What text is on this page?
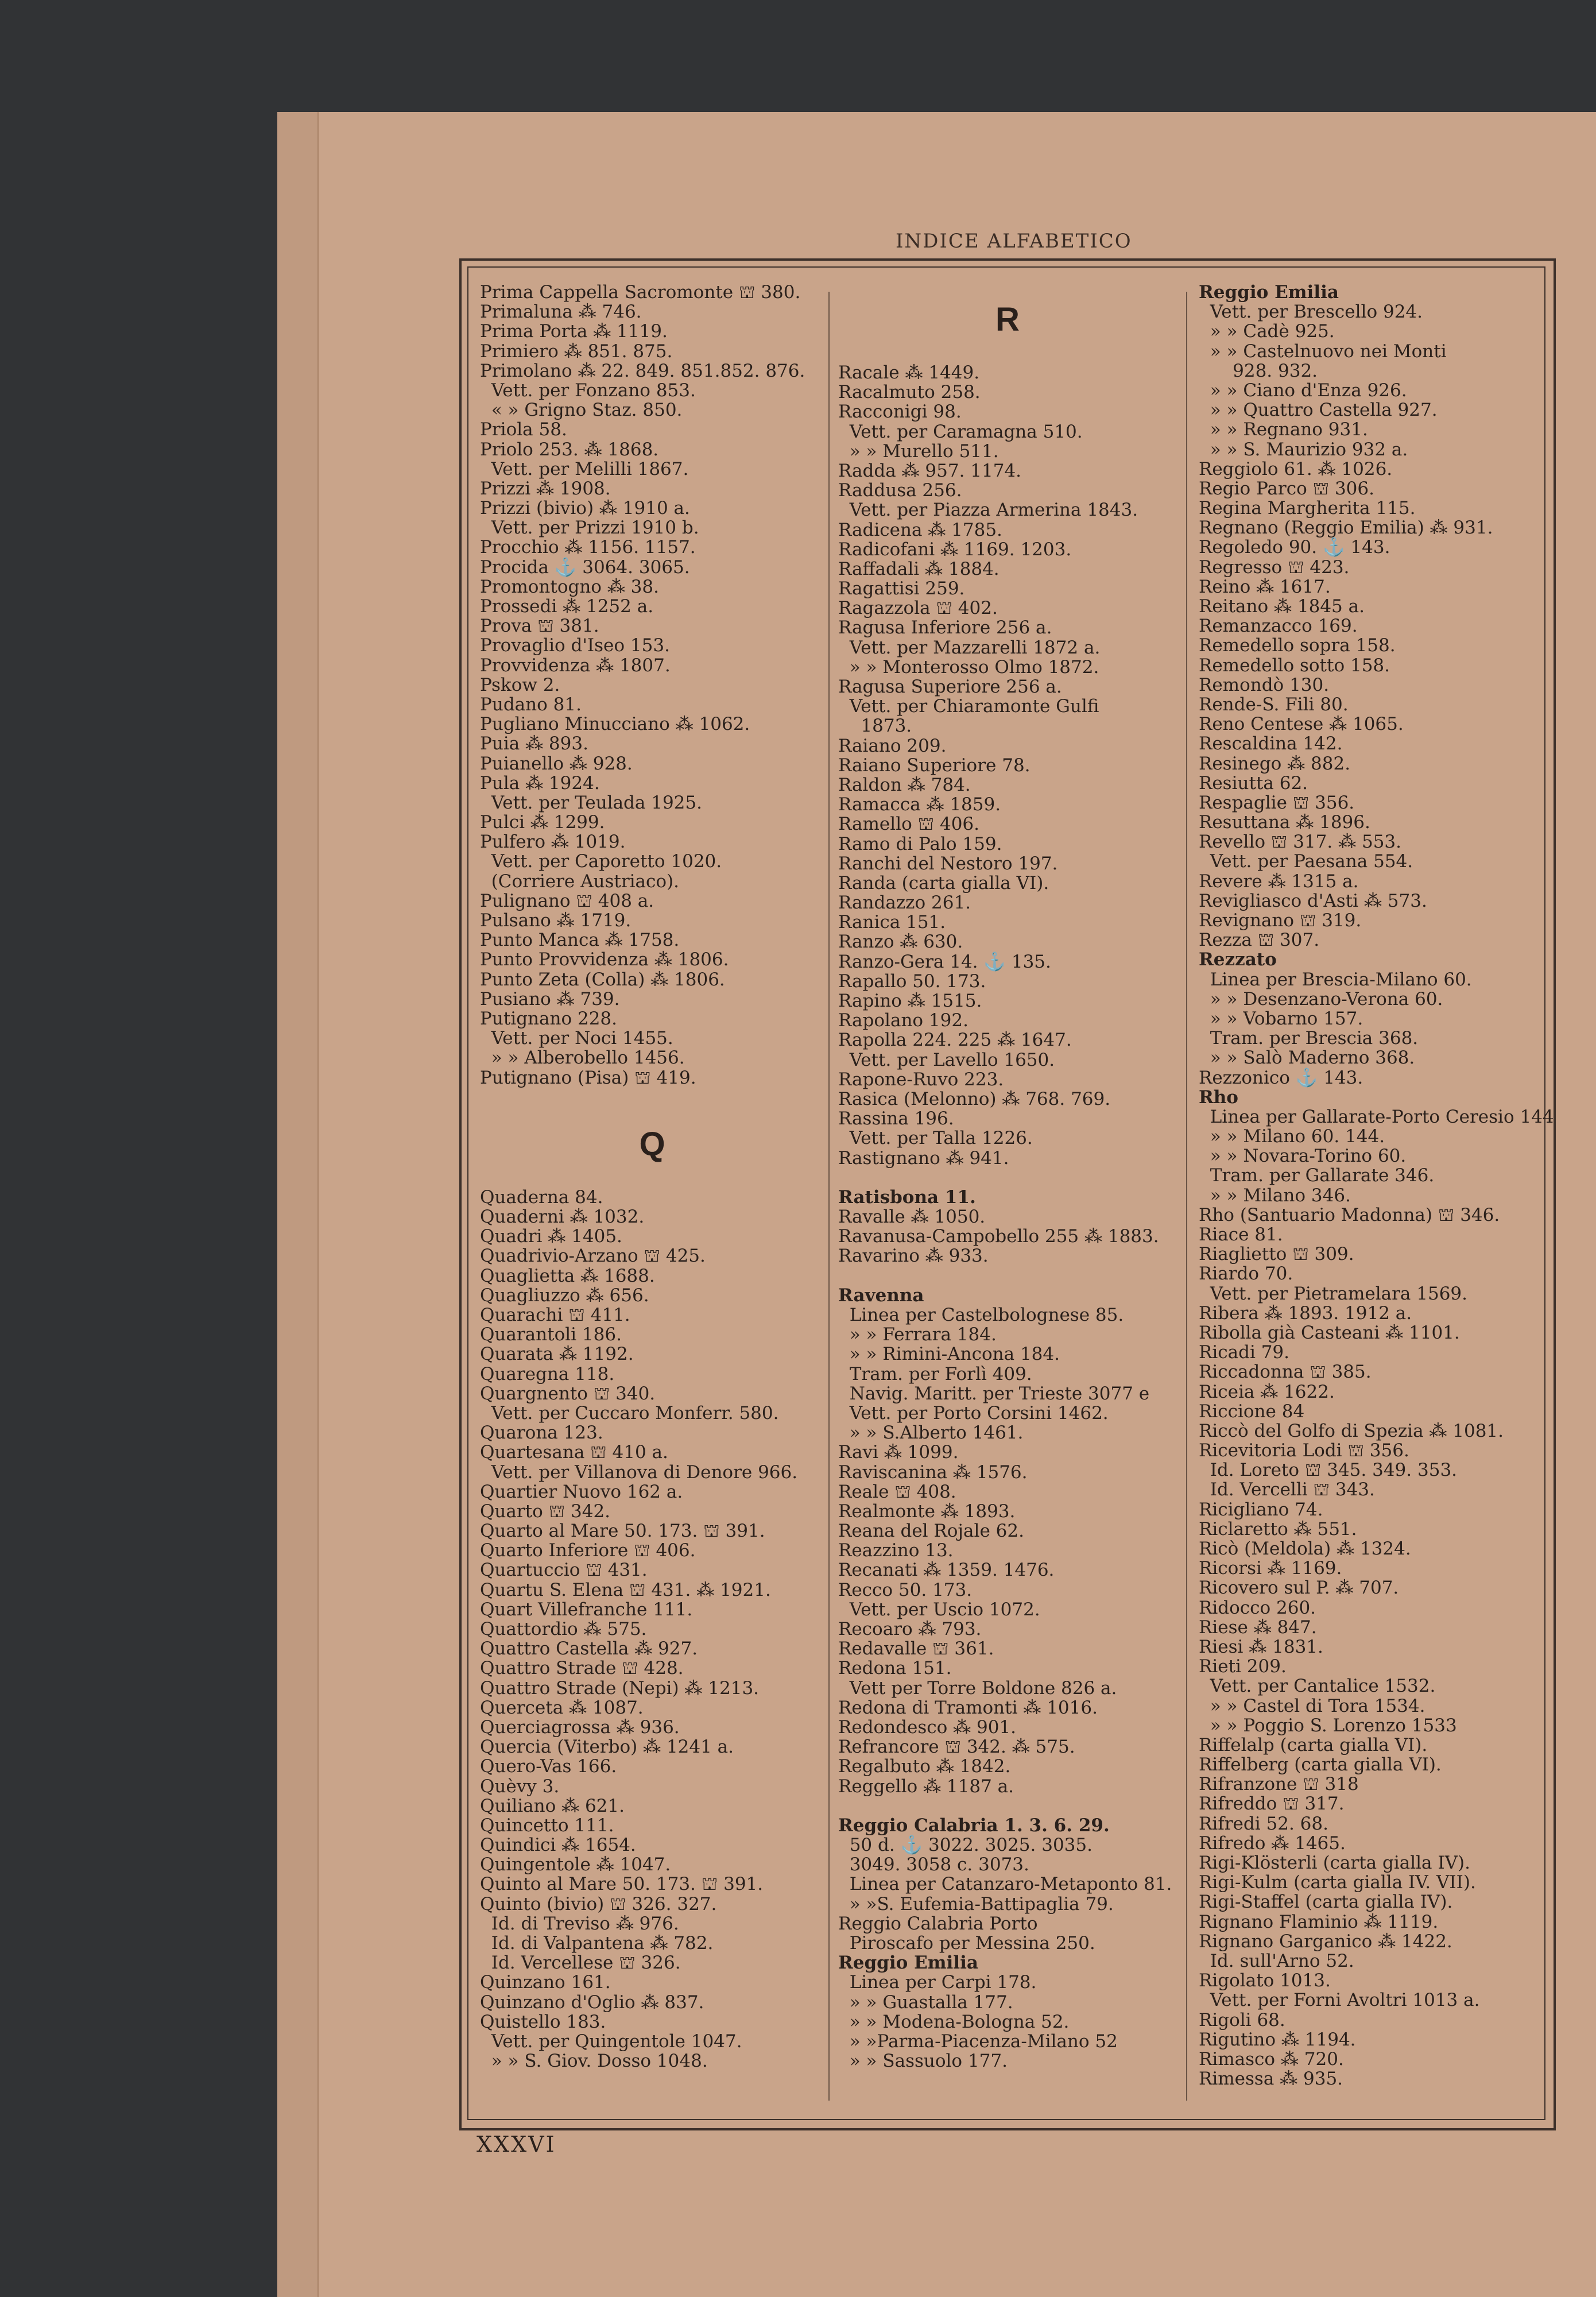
INDICE ALFABETICO
Prima Cappella Sacromonte ⛫ 380.
Primaluna ⁂ 746.
Prima Porta ⁂ 1119.
Primiero ⁂ 851. 875.
Primolano ⁂ 22. 849. 851.852. 876.
Vett. per Fonzano 853.
« » Grigno Staz. 850.
Priola 58.
Priolo 253. ⁂ 1868.
Vett. per Melilli 1867.
Prizzi ⁂ 1908.
Prizzi (bivio) ⁂ 1910 a.
Vett. per Prizzi 1910 b.
Procchio ⁂ 1156. 1157.
Procida ⚓ 3064. 3065.
Promontogno ⁂ 38.
Prossedi ⁂ 1252 a.
Prova ⛫ 381.
Provaglio d'Iseo 153.
Provvidenza ⁂ 1807.
Pskow 2.
Pudano 81.
Pugliano Minucciano ⁂ 1062.
Puia ⁂ 893.
Puianello ⁂ 928.
Pula ⁂ 1924.
Vett. per Teulada 1925.
Pulci ⁂ 1299.
Pulfero ⁂ 1019.
Vett. per Caporetto 1020.
(Corriere Austriaco).
Pulignano ⛫ 408 a.
Pulsano ⁂ 1719.
Punto Manca ⁂ 1758.
Punto Provvidenza ⁂ 1806.
Punto Zeta (Colla) ⁂ 1806.
Pusiano ⁂ 739.
Putignano 228.
Vett. per Noci 1455.
» » Alberobello 1456.
Putignano (Pisa) ⛫ 419.
Q
Quaderna 84.
Quaderni ⁂ 1032.
Quadri ⁂ 1405.
Quadrivio-Arzano ⛫ 425.
Quaglietta ⁂ 1688.
Quagliuzzo ⁂ 656.
Quarachi ⛫ 411.
Quarantoli 186.
Quarata ⁂ 1192.
Quaregna 118.
Quargnento ⛫ 340.
Vett. per Cuccaro Monferr. 580.
Quarona 123.
Quartesana ⛫ 410 a.
Vett. per Villanova di Denore 966.
Quartier Nuovo 162 a.
Quarto ⛫ 342.
Quarto al Mare 50. 173. ⛫ 391.
Quarto Inferiore ⛫ 406.
Quartuccio ⛫ 431.
Quartu S. Elena ⛫ 431. ⁂ 1921.
Quart Villefranche 111.
Quattordio ⁂ 575.
Quattro Castella ⁂ 927.
Quattro Strade ⛫ 428.
Quattro Strade (Nepi) ⁂ 1213.
Querceta ⁂ 1087.
Querciagrossa ⁂ 936.
Quercia (Viterbo) ⁂ 1241 a.
Quero-Vas 166.
Quèvy 3.
Quiliano ⁂ 621.
Quincetto 111.
Quindici ⁂ 1654.
Quingentole ⁂ 1047.
Quinto al Mare 50. 173. ⛫ 391.
Quinto (bivio) ⛫ 326. 327.
Id. di Treviso ⁂ 976.
Id. di Valpantena ⁂ 782.
Id. Vercellese ⛫ 326.
Quinzano 161.
Quinzano d'Oglio ⁂ 837.
Quistello 183.
Vett. per Quingentole 1047.
» » S. Giov. Dosso 1048.
R
Racale ⁂ 1449.
Racalmuto 258.
Racconigi 98.
Vett. per Caramagna 510.
» » Murello 511.
Radda ⁂ 957. 1174.
Raddusa 256.
Vett. per Piazza Armerina 1843.
Radicena ⁂ 1785.
Radicofani ⁂ 1169. 1203.
Raffadali ⁂ 1884.
Ragattisi 259.
Ragazzola ⛫ 402.
Ragusa Inferiore 256 a.
Vett. per Mazzarelli 1872 a.
» » Monterosso Olmo 1872.
Ragusa Superiore 256 a.
Vett. per Chiaramonte Gulfi
1873.
Raiano 209.
Raiano Superiore 78.
Raldon ⁂ 784.
Ramacca ⁂ 1859.
Ramello ⛫ 406.
Ramo di Palo 159.
Ranchi del Nestoro 197.
Randa (carta gialla VI).
Randazzo 261.
Ranica 151.
Ranzo ⁂ 630.
Ranzo-Gera 14. ⚓ 135.
Rapallo 50. 173.
Rapino ⁂ 1515.
Rapolano 192.
Rapolla 224. 225 ⁂ 1647.
Vett. per Lavello 1650.
Rapone-Ruvo 223.
Rasica (Melonno) ⁂ 768. 769.
Rassina 196.
Vett. per Talla 1226.
Rastignano ⁂ 941.
Ratisbona 11.
Ravalle ⁂ 1050.
Ravanusa-Campobello 255 ⁂ 1883.
Ravarino ⁂ 933.
Ravenna
Linea per Castelbolognese 85.
» » Ferrara 184.
» » Rimini-Ancona 184.
Tram. per Forlì 409.
Navig. Maritt. per Trieste 3077 e
Vett. per Porto Corsini 1462.
» » S.Alberto 1461.
Ravi ⁂ 1099.
Raviscanina ⁂ 1576.
Reale ⛫ 408.
Realmonte ⁂ 1893.
Reana del Rojale 62.
Reazzino 13.
Recanati ⁂ 1359. 1476.
Recco 50. 173.
Vett. per Uscio 1072.
Recoaro ⁂ 793.
Redavalle ⛫ 361.
Redona 151.
Vett per Torre Boldone 826 a.
Redona di Tramonti ⁂ 1016.
Redondesco ⁂ 901.
Refrancore ⛫ 342. ⁂ 575.
Regalbuto ⁂ 1842.
Reggello ⁂ 1187 a.
Reggio Calabria 1. 3. 6. 29.
50 d. ⚓ 3022. 3025. 3035.
3049. 3058 c. 3073.
Linea per Catanzaro-Metaponto 81.
» »S. Eufemia-Battipaglia 79.
Reggio Calabria Porto
Piroscafo per Messina 250.
Reggio Emilia
Linea per Carpi 178.
» » Guastalla 177.
» » Modena-Bologna 52.
» »Parma-Piacenza-Milano 52
» » Sassuolo 177.
Reggio Emilia
Vett. per Brescello 924.
» » Cadè 925.
» » Castelnuovo nei Monti
928. 932.
» » Ciano d'Enza 926.
» » Quattro Castella 927.
» » Regnano 931.
» » S. Maurizio 932 a.
Reggiolo 61. ⁂ 1026.
Regio Parco ⛫ 306.
Regina Margherita 115.
Regnano (Reggio Emilia) ⁂ 931.
Regoledo 90. ⚓ 143.
Regresso ⛫ 423.
Reino ⁂ 1617.
Reitano ⁂ 1845 a.
Remanzacco 169.
Remedello sopra 158.
Remedello sotto 158.
Remondò 130.
Rende-S. Fili 80.
Reno Centese ⁂ 1065.
Rescaldina 142.
Resinego ⁂ 882.
Resiutta 62.
Respaglie ⛫ 356.
Resuttana ⁂ 1896.
Revello ⛫ 317. ⁂ 553.
Vett. per Paesana 554.
Revere ⁂ 1315 a.
Revigliasco d'Asti ⁂ 573.
Revignano ⛫ 319.
Rezza ⛫ 307.
Rezzato
Linea per Brescia-Milano 60.
» » Desenzano-Verona 60.
» » Vobarno 157.
Tram. per Brescia 368.
» » Salò Maderno 368.
Rezzonico ⚓ 143.
Rho
Linea per Gallarate-Porto Ceresio 144
» » Milano 60. 144.
» » Novara-Torino 60.
Tram. per Gallarate 346.
» » Milano 346.
Rho (Santuario Madonna) ⛫ 346.
Riace 81.
Riaglietto ⛫ 309.
Riardo 70.
Vett. per Pietramelara 1569.
Ribera ⁂ 1893. 1912 a.
Ribolla già Casteani ⁂ 1101.
Ricadi 79.
Riccadonna ⛫ 385.
Riceia ⁂ 1622.
Riccione 84
Riccò del Golfo di Spezia ⁂ 1081.
Ricevitoria Lodi ⛫ 356.
Id. Loreto ⛫ 345. 349. 353.
Id. Vercelli ⛫ 343.
Ricigliano 74.
Riclaretto ⁂ 551.
Ricò (Meldola) ⁂ 1324.
Ricorsi ⁂ 1169.
Ricovero sul P. ⁂ 707.
Ridocco 260.
Riese ⁂ 847.
Riesi ⁂ 1831.
Rieti 209.
Vett. per Cantalice 1532.
» » Castel di Tora 1534.
» » Poggio S. Lorenzo 1533
Riffelalp (carta gialla VI).
Riffelberg (carta gialla VI).
Rifranzone ⛫ 318
Rifreddo ⛫ 317.
Rifredi 52. 68.
Rifredo ⁂ 1465.
Rigi-Klösterli (carta gialla IV).
Rigi-Kulm (carta gialla IV. VII).
Rigi-Staffel (carta gialla IV).
Rignano Flaminio ⁂ 1119.
Rignano Garganico ⁂ 1422.
Id. sull'Arno 52.
Rigolato 1013.
Vett. per Forni Avoltri 1013 a.
Rigoli 68.
Rigutino ⁂ 1194.
Rimasco ⁂ 720.
Rimessa ⁂ 935.
XXXVI
